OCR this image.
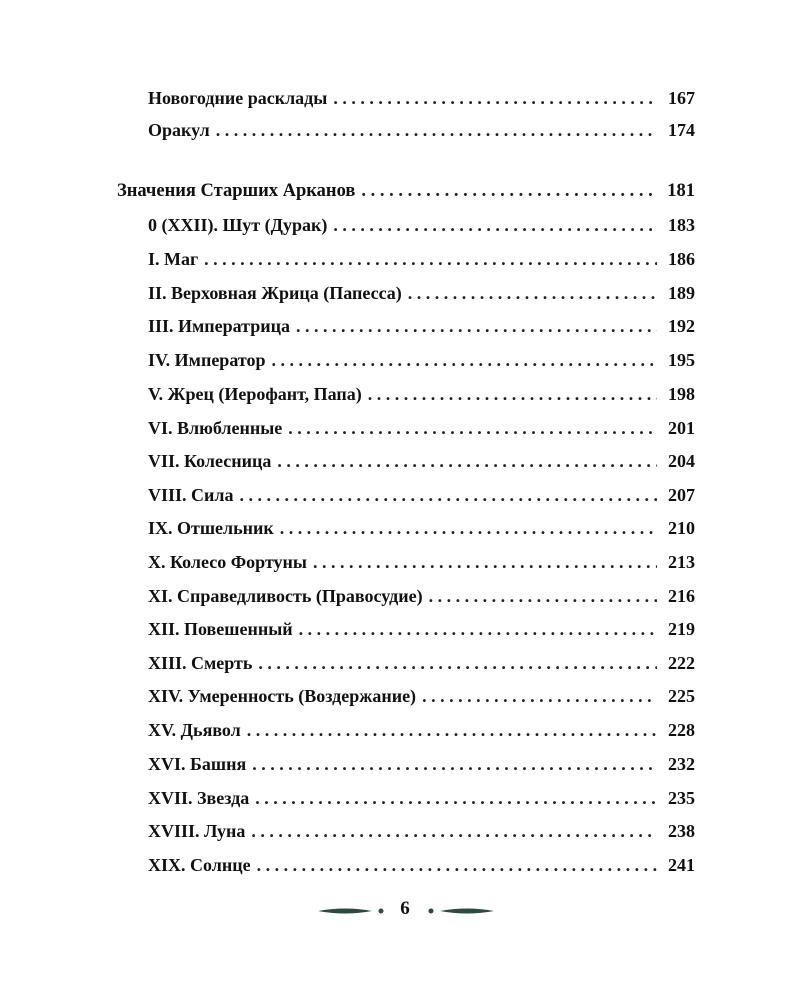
Новогодние расклады . . .	167
Оракул . . .	174
Значения Старших Арканов . . .	181
0 (XXII). Шут (Дурак) . . .	183
I. Маг . . .	186
II. Верховная Жрица (Папесса) . . .	189
III. Императрица . . .	192
IV. Император . . .	195
V. Жрец (Иерофант, Папа) . . .	198
VI. Влюбленные . . .	201
VII. Колесница . . .	204
VIII. Сила . . .	207
IX. Отшельник . . .	210
X. Колесо Фортуны . . .	213
XI. Справедливость (Правосудие) . . .	216
XII. Повешенный . . .	219
XIII. Смерть . . .	222
XIV. Умеренность (Воздержание) . . .	225
XV. Дьявол . . .	228
XVI. Башня . . .	232
XVII. Звезда . . .	235
XVIII. Луна . . .	238
XIX. Солнце . . .	241
6
